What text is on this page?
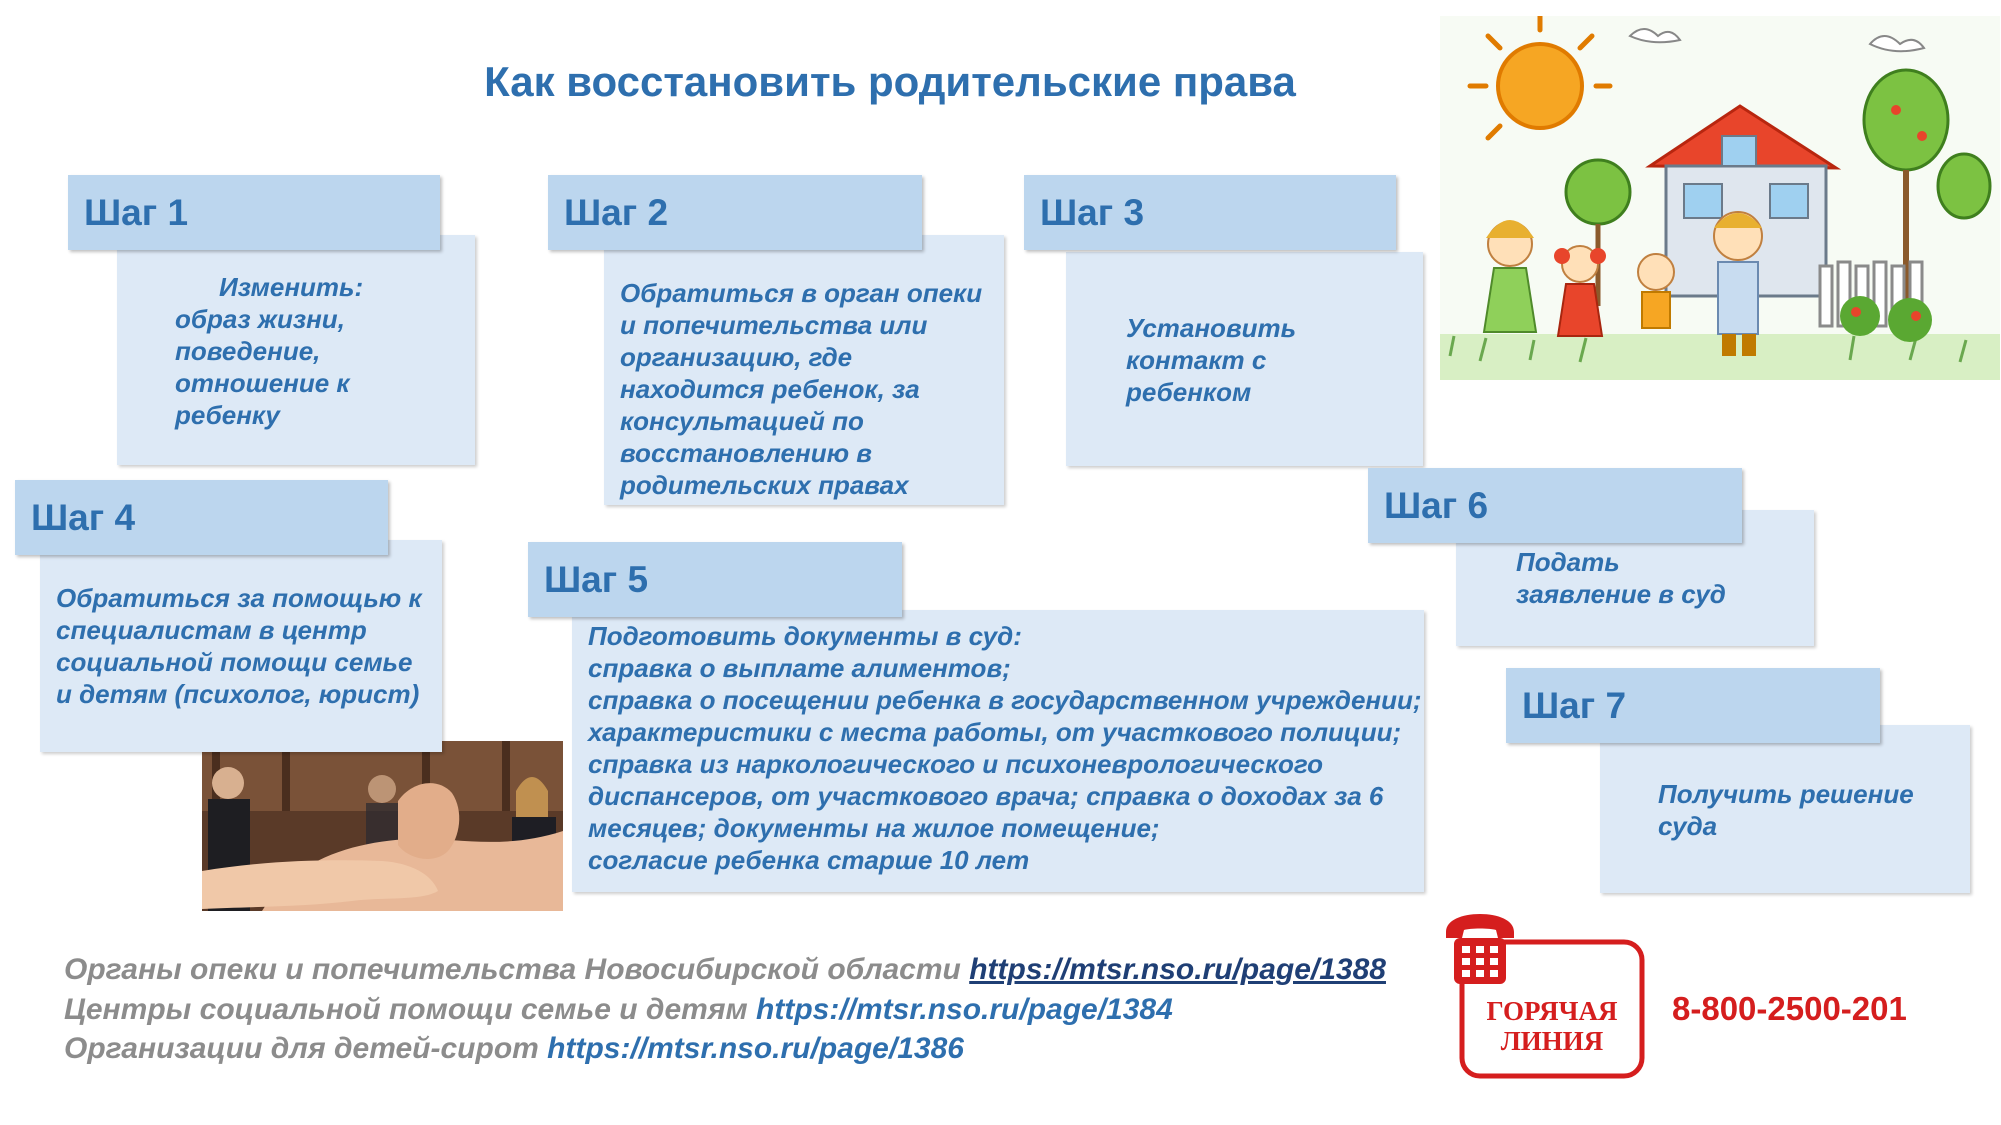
Как восстановить родительские права
Изменить:
образ жизни,
поведение,
отношение к
ребенку
Шаг 1
Обратиться в орган опеки
и попечительства или
организацию, где
находится ребенок, за
консультацией по
восстановлению в
родительских правах
Шаг 2
Установить
контакт с
ребенком
Шаг 3
Обратиться за помощью к
специалистам в центр
социальной помощи семье
и детям (психолог, юрист)
Шаг 4
Подготовить документы в суд:
справка о выплате алиментов;
справка о посещении ребенка в государственном учреждении;
характеристики с места работы, от участкового полиции;
справка из наркологического и психоневрологического
диспансеров, от участкового врача; справка о доходах за 6
месяцев; документы на жилое помещение;
согласие ребенка старше 10 лет
Шаг 5	Подать
заявление в суд
Шаг 6
Получить решение
суда
Шаг 7
Органы опеки и попечительства Новосибирской области https://mtsr.nso.ru/page/1388
Центры социальной помощи семье и детям https://mtsr.nso.ru/page/1384
Организации для детей-сирот https://mtsr.nso.ru/page/1386
ГОРЯЧАЯ
ЛИНИЯ
8-800-2500-201
